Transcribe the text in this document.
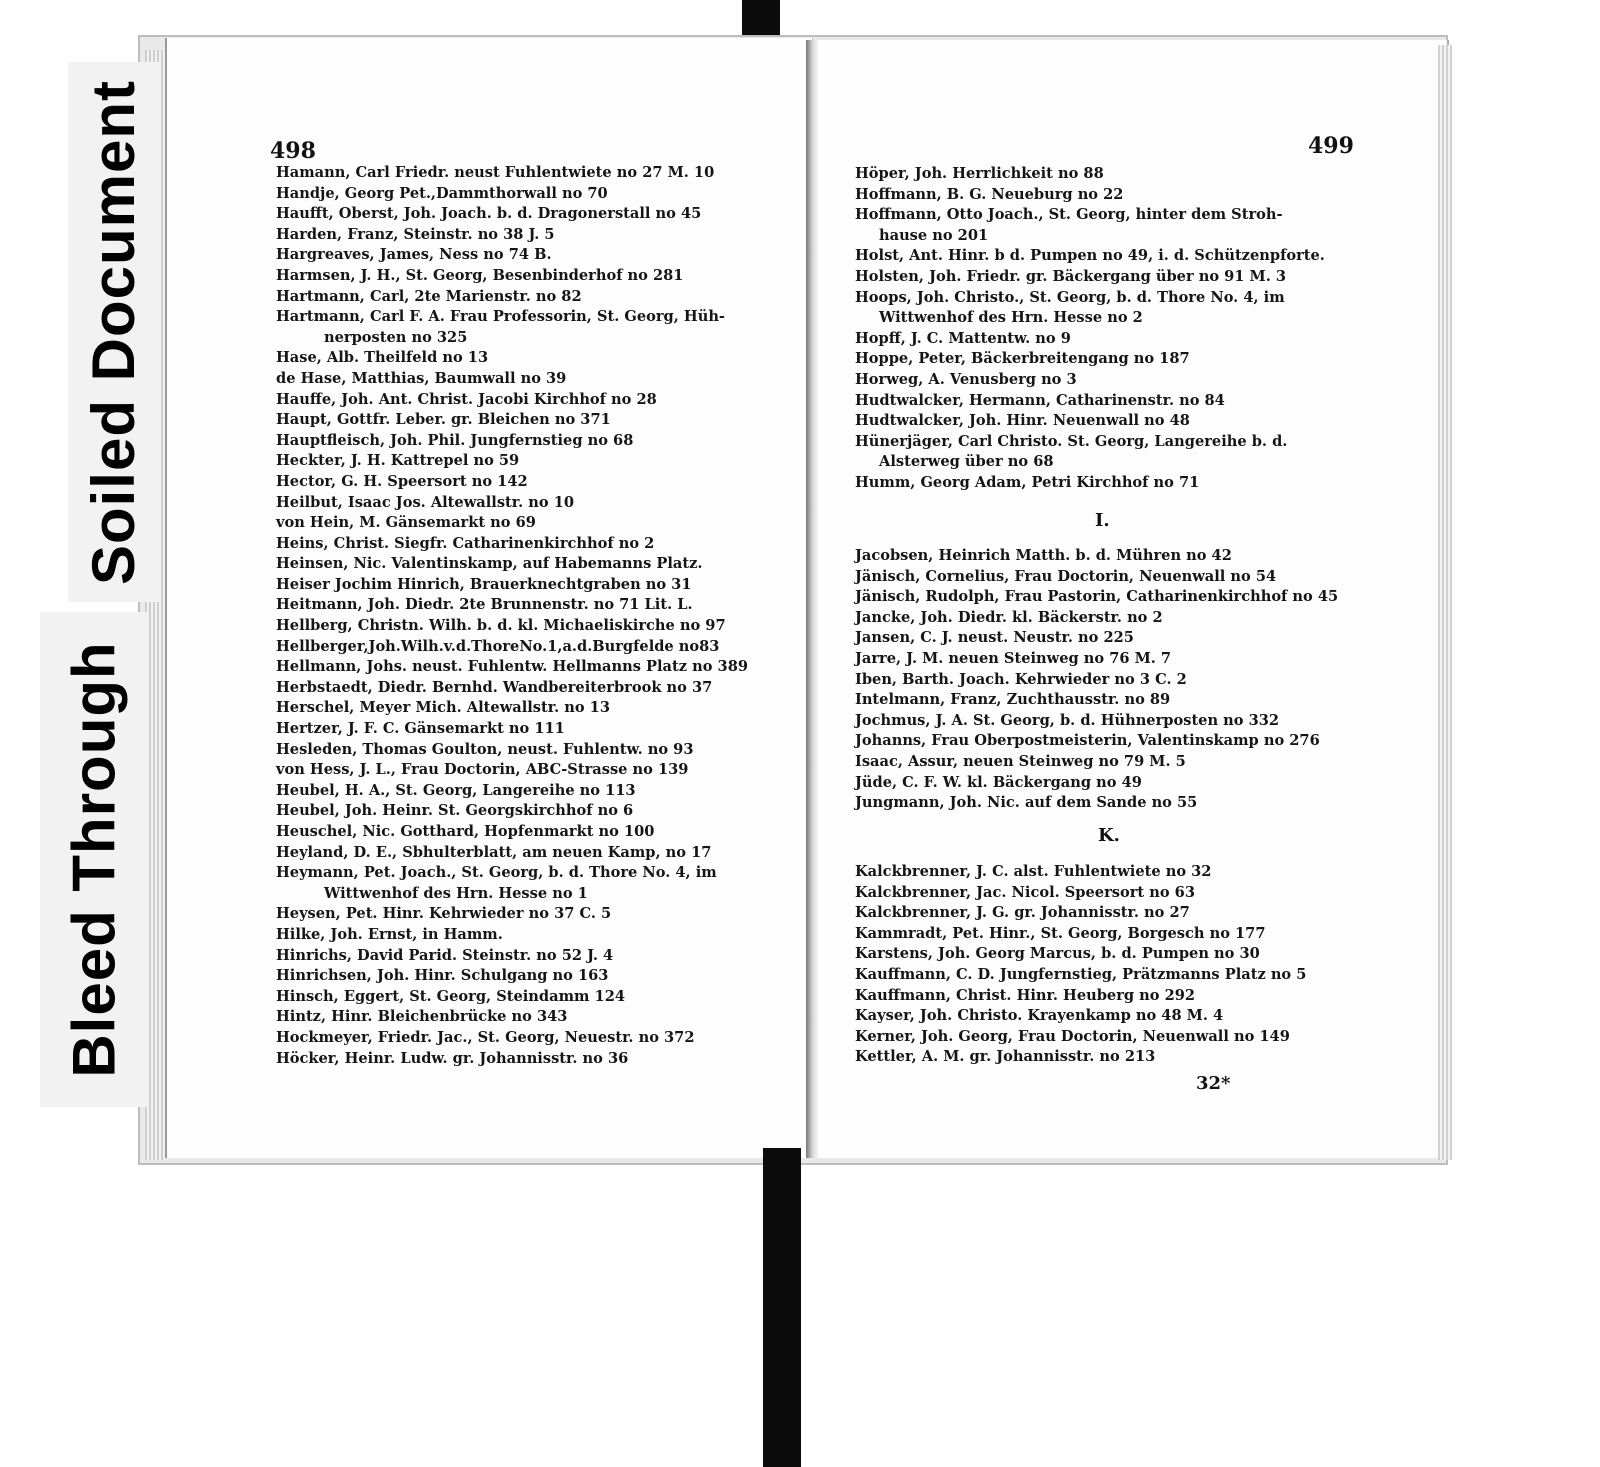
Soiled Document
Bleed Through
498
Hamann, Carl Friedr. neust Fuhlentwiete no 27 M. 10
Handje, Georg Pet.,Dammthorwall no 70
Haufft, Oberst, Joh. Joach. b. d. Dragonerstall no 45
Harden, Franz, Steinstr. no 38 J. 5
Hargreaves, James, Ness no 74 B.
Harmsen, J. H., St. Georg, Besenbinderhof no 281
Hartmann, Carl, 2te Marienstr. no 82
Hartmann, Carl F. A. Frau Professorin, St. Georg, Hüh-
nerposten no 325
Hase, Alb. Theilfeld no 13
de Hase, Matthias, Baumwall no 39
Hauffe, Joh. Ant. Christ. Jacobi Kirchhof no 28
Haupt, Gottfr. Leber. gr. Bleichen no 371
Hauptfleisch, Joh. Phil. Jungfernstieg no 68
Heckter, J. H. Kattrepel no 59
Hector, G. H. Speersort no 142
Heilbut, Isaac Jos. Altewallstr. no 10
von Hein, M. Gänsemarkt no 69
Heins, Christ. Siegfr. Catharinenkirchhof no 2
Heinsen, Nic. Valentinskamp, auf Habemanns Platz.
Heiser Jochim Hinrich, Brauerknechtgraben no 31
Heitmann, Joh. Diedr. 2te Brunnenstr. no 71 Lit. L.
Hellberg, Christn. Wilh. b. d. kl. Michaeliskirche no 97
Hellberger,Joh.Wilh.v.d.ThoreNo.1,a.d.Burgfelde no83
Hellmann, Johs. neust. Fuhlentw. Hellmanns Platz no 389
Herbstaedt, Diedr. Bernhd. Wandbereiterbrook no 37
Herschel, Meyer Mich. Altewallstr. no 13
Hertzer, J. F. C. Gänsemarkt no 111
Hesleden, Thomas Goulton, neust. Fuhlentw. no 93
von Hess, J. L., Frau Doctorin, ABC-Strasse no 139
Heubel, H. A., St. Georg, Langereihe no 113
Heubel, Joh. Heinr. St. Georgskirchhof no 6
Heuschel, Nic. Gotthard, Hopfenmarkt no 100
Heyland, D. E., Sbhulterblatt, am neuen Kamp, no 17
Heymann, Pet. Joach., St. Georg, b. d. Thore No. 4, im
Wittwenhof des Hrn. Hesse no 1
Heysen, Pet. Hinr. Kehrwieder no 37 C. 5
Hilke, Joh. Ernst, in Hamm.
Hinrichs, David Parid. Steinstr. no 52 J. 4
Hinrichsen, Joh. Hinr. Schulgang no 163
Hinsch, Eggert, St. Georg, Steindamm 124
Hintz, Hinr. Bleichenbrücke no 343
Hockmeyer, Friedr. Jac., St. Georg, Neuestr. no 372
Höcker, Heinr. Ludw. gr. Johannisstr. no 36
499
Höper, Joh. Herrlichkeit no 88
Hoffmann, B. G. Neueburg no 22
Hoffmann, Otto Joach., St. Georg, hinter dem Stroh-
hause no 201
Holst, Ant. Hinr. b d. Pumpen no 49, i. d. Schützenpforte.
Holsten, Joh. Friedr. gr. Bäckergang über no 91 M. 3
Hoops, Joh. Christo., St. Georg, b. d. Thore No. 4, im
Wittwenhof des Hrn. Hesse no 2
Hopff, J. C. Mattentw. no 9
Hoppe, Peter, Bäckerbreitengang no 187
Horweg, A. Venusberg no 3
Hudtwalcker, Hermann, Catharinenstr. no 84
Hudtwalcker, Joh. Hinr. Neuenwall no 48
Hünerjäger, Carl Christo. St. Georg, Langereihe b. d.
Alsterweg über no 68
Humm, Georg Adam, Petri Kirchhof no 71
I.
Jacobsen, Heinrich Matth. b. d. Mühren no 42
Jänisch, Cornelius, Frau Doctorin, Neuenwall no 54
Jänisch, Rudolph, Frau Pastorin, Catharinenkirchhof no 45
Jancke, Joh. Diedr. kl. Bäckerstr. no 2
Jansen, C. J. neust. Neustr. no 225
Jarre, J. M. neuen Steinweg no 76 M. 7
Iben, Barth. Joach. Kehrwieder no 3 C. 2
Intelmann, Franz, Zuchthausstr. no 89
Jochmus, J. A. St. Georg, b. d. Hühnerposten no 332
Johanns, Frau Oberpostmeisterin, Valentinskamp no 276
Isaac, Assur, neuen Steinweg no 79 M. 5
Jüde, C. F. W. kl. Bäckergang no 49
Jungmann, Joh. Nic. auf dem Sande no 55
K.
Kalckbrenner, J. C. alst. Fuhlentwiete no 32
Kalckbrenner, Jac. Nicol. Speersort no 63
Kalckbrenner, J. G. gr. Johannisstr. no 27
Kammradt, Pet. Hinr., St. Georg, Borgesch no 177
Karstens, Joh. Georg Marcus, b. d. Pumpen no 30
Kauffmann, C. D. Jungfernstieg, Prätzmanns Platz no 5
Kauffmann, Christ. Hinr. Heuberg no 292
Kayser, Joh. Christo. Krayenkamp no 48 M. 4
Kerner, Joh. Georg, Frau Doctorin, Neuenwall no 149
Kettler, A. M. gr. Johannisstr. no 213
32*
